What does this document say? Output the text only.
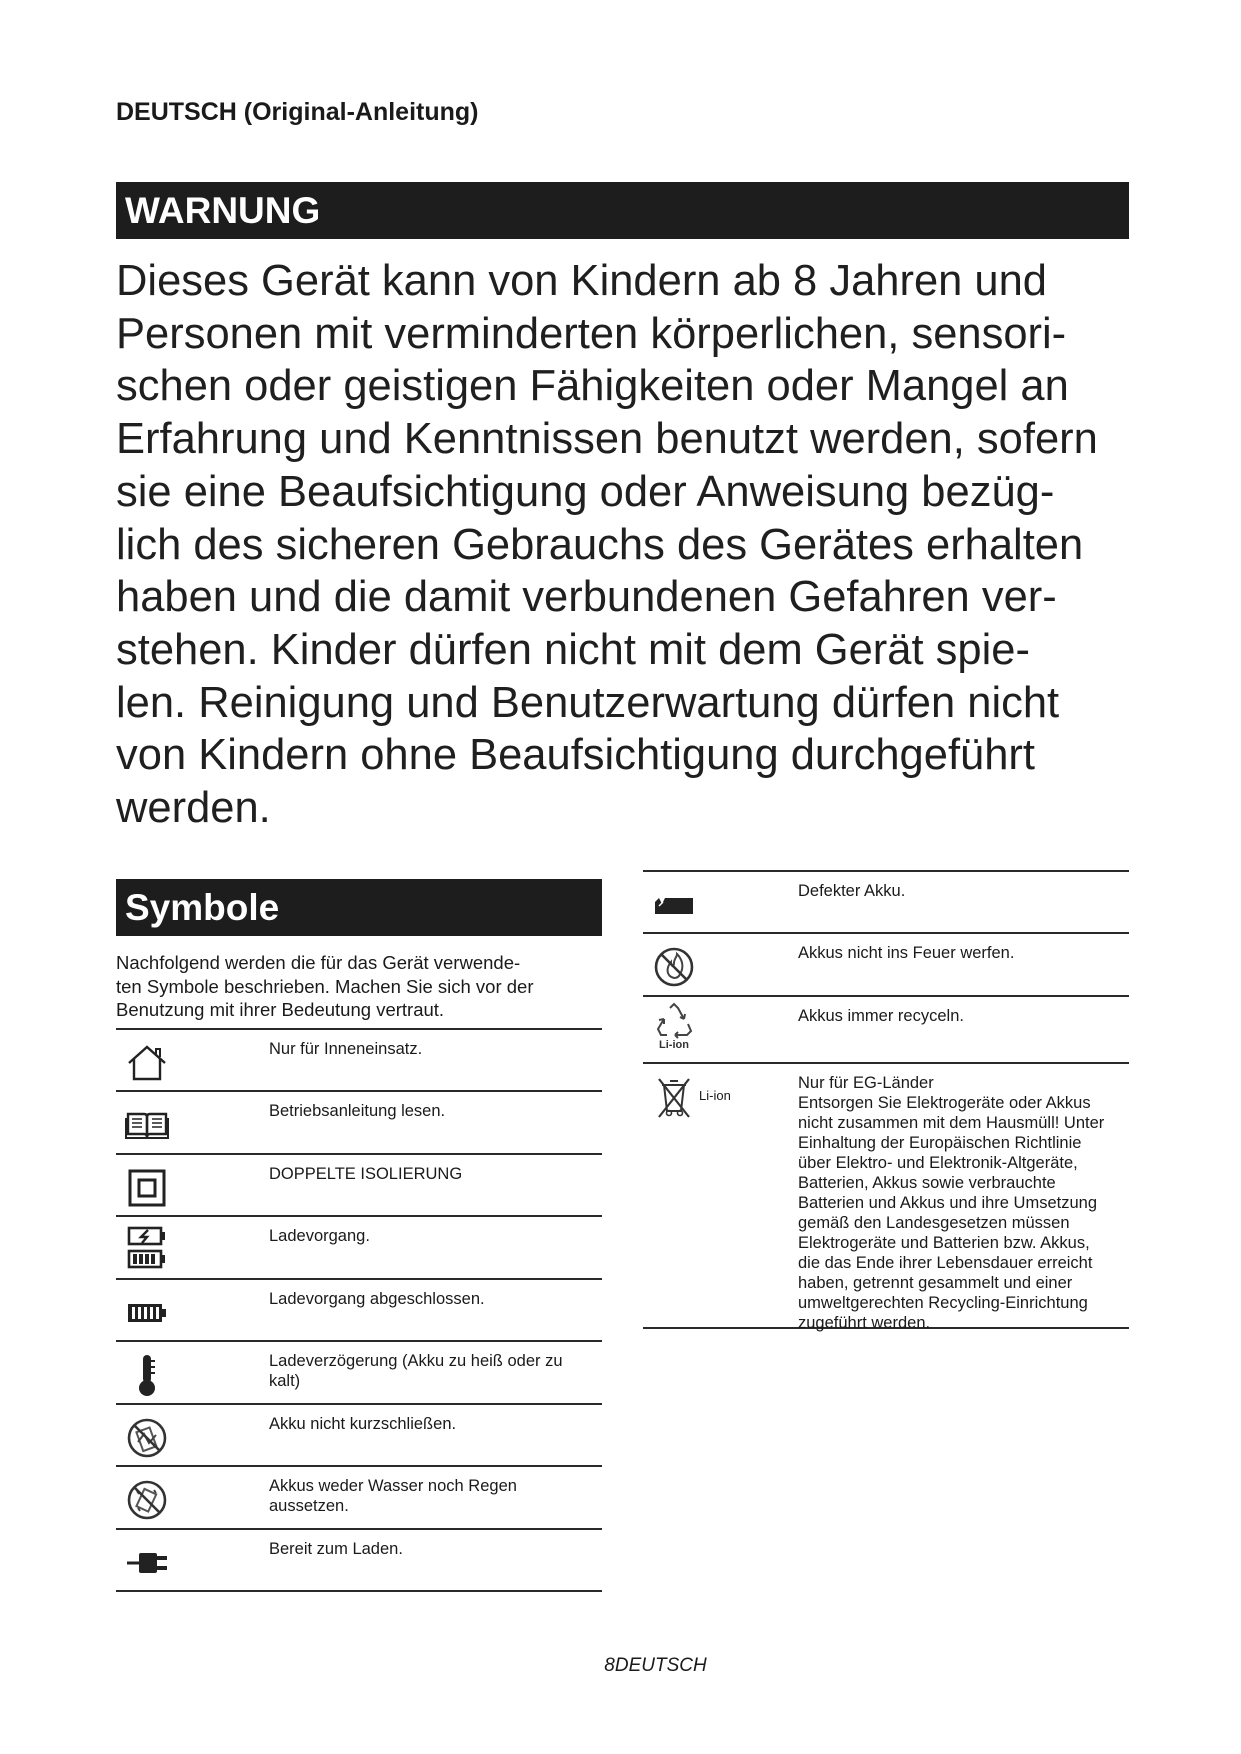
DEUTSCH (Original-Anleitung)
WARNUNG
Dieses Gerät kann von Kindern ab 8 Jahren und
Personen mit verminderten körperlichen, sensori-
schen oder geistigen Fähigkeiten oder Mangel an
Erfahrung und Kenntnissen benutzt werden, sofern
sie eine Beaufsichtigung oder Anweisung bezüg-
lich des sicheren Gebrauchs des Gerätes erhalten
haben und die damit verbundenen Gefahren ver-
stehen. Kinder dürfen nicht mit dem Gerät spie-
len. Reinigung und Benutzerwartung dürfen nicht
von Kindern ohne Beaufsichtigung durchgeführt
werden.
Symbole
Nachfolgend werden die für das Gerät verwende-
ten Symbole beschrieben. Machen Sie sich vor der
Benutzung mit ihrer Bedeutung vertraut.
Nur für Inneneinsatz.
Betriebsanleitung lesen.
DOPPELTE ISOLIERUNG
Ladevorgang.
Ladevorgang abgeschlossen.
Ladeverzögerung (Akku zu heiß oder zu
kalt)
Akku nicht kurzschließen.
Akkus weder Wasser noch Regen
aussetzen.
Bereit zum Laden.
Defekter Akku.
Akkus nicht ins Feuer werfen.
Li-ion
Akkus immer recyceln.
Li-ion
Nur für EG-Länder
Entsorgen Sie Elektrogeräte oder Akkus
nicht zusammen mit dem Hausmüll! Unter
Einhaltung der Europäischen Richtlinie
über Elektro- und Elektronik-Altgeräte,
Batterien, Akkus sowie verbrauchte
Batterien und Akkus und ihre Umsetzung
gemäß den Landesgesetzen müssen
Elektrogeräte und Batterien bzw. Akkus,
die das Ende ihrer Lebensdauer erreicht
haben, getrennt gesammelt und einer
umweltgerechten Recycling-Einrichtung
zugeführt werden.
8DEUTSCH
